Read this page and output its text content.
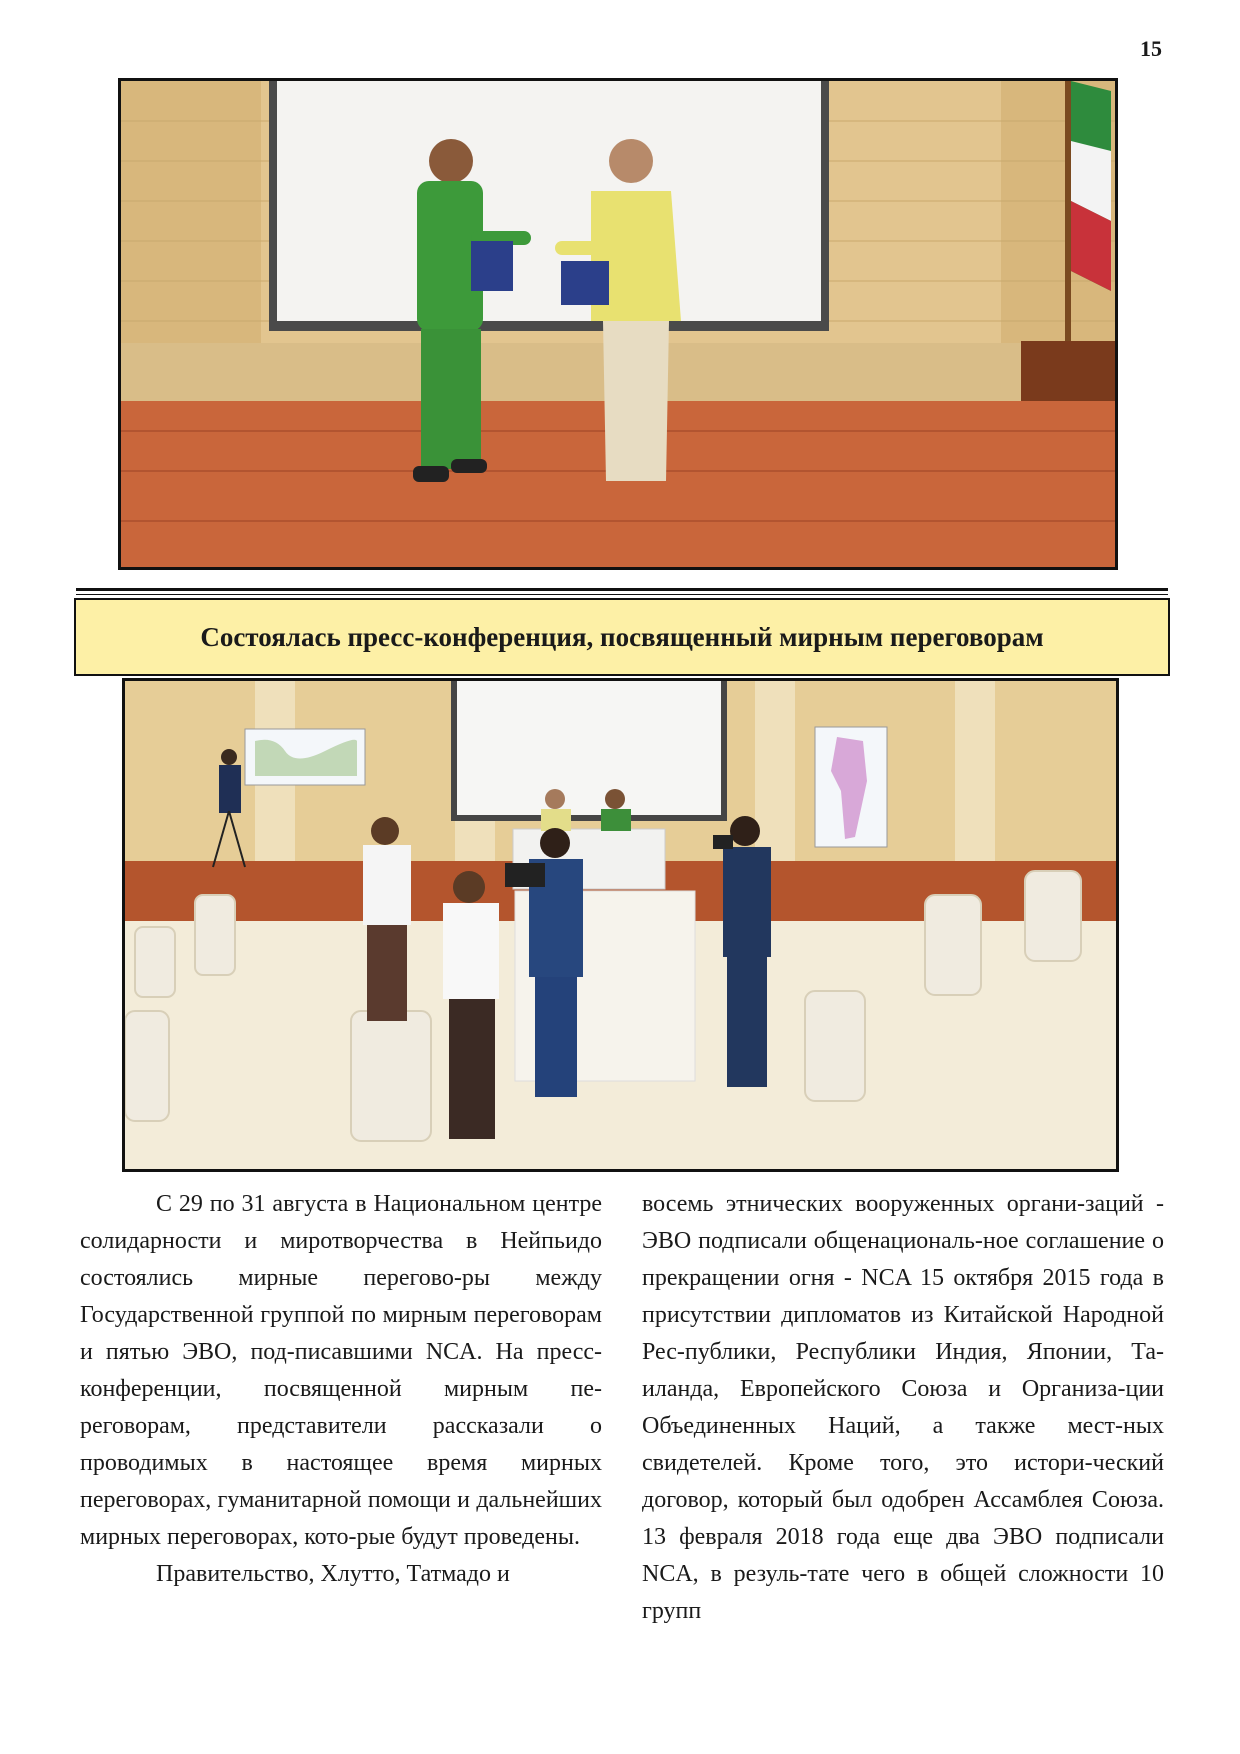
15
Состоялась пресс-конференция, посвященный мирным переговорам

С 29 по 31 августа в Национальном центре солидарности и миротворчества в Нейпьидо состоялись мирные перегово-ры между Государственной группой по мирным переговорам и пятью ЭВО, под-писавшими NCA. На пресс-конференции, посвященной мирным пе-реговорам, представители рассказали о проводимых в настоящее время мирных переговорах, гуманитарной помощи и дальнейших мирных переговорах, кото-рые будут проведены.

Правительство, Хлутто, Татмадо и

восемь этнических вооруженных органи-заций - ЭВО подписали общенациональ-ное соглашение о прекращении огня - NCA 15 октября 2015 года в присутствии дипломатов из Китайской Народной Рес-публики, Республики Индия, Японии, Та-иланда, Европейского Союза и Организа-ции Объединенных Наций, а также мест-ных свидетелей. Кроме того, это истори-ческий договор, который был одобрен Ассамблея Союза. 13 февраля 2018 года еще два ЭВО подписали NCA, в резуль-тате чего в общей сложности 10 групп
